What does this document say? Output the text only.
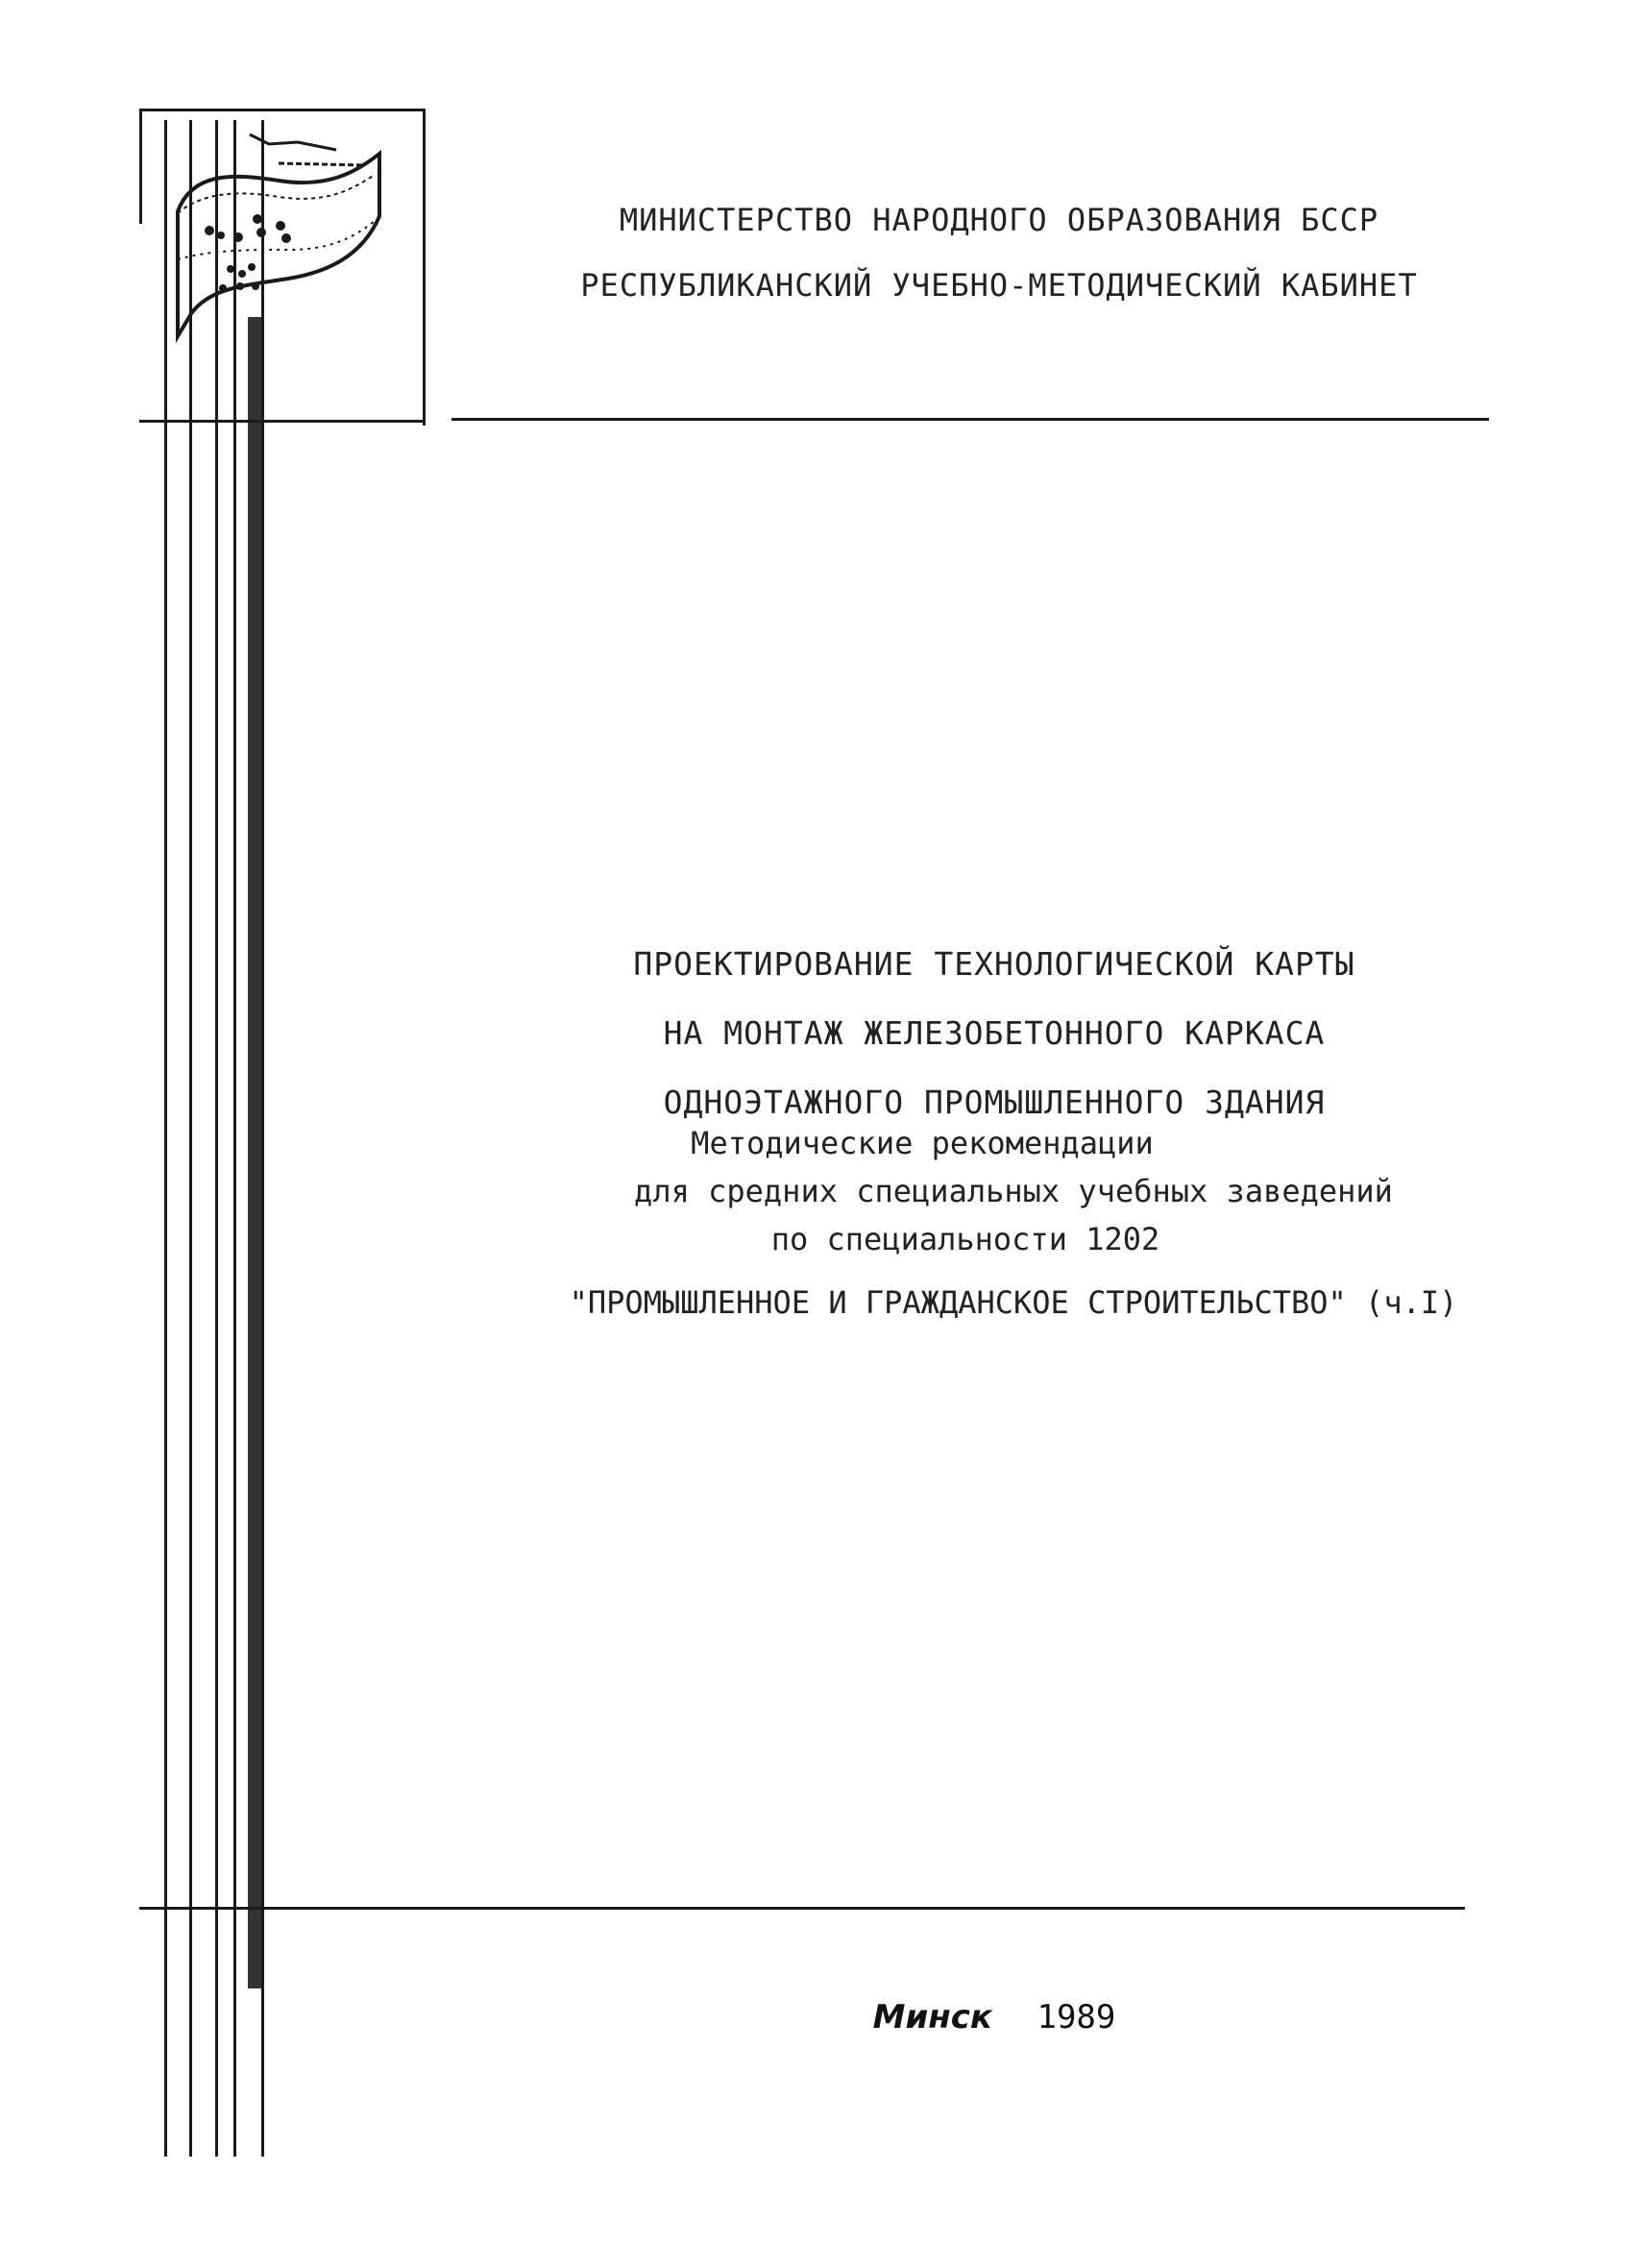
МИНИСТЕРСТВО НАРОДНОГО ОБРАЗОВАНИЯ БССР
РЕСПУБЛИКАНСКИЙ УЧЕБНО-МЕТОДИЧЕСКИЙ КАБИНЕТ
ПРОЕКТИРОВАНИЕ ТЕХНОЛОГИЧЕСКОЙ КАРТЫ
НА МОНТАЖ ЖЕЛЕЗОБЕТОННОГО КАРКАСА
ОДНОЭТАЖНОГО ПРОМЫШЛЕННОГО ЗДАНИЯ
Методические рекомендации
для средних специальных учебных заведений
по специальности 1202
"ПРОМЫШЛЕННОЕ И ГРАЖДАНСКОЕ СТРОИТЕЛЬСТВО" (ч.I)
Минск 1989
